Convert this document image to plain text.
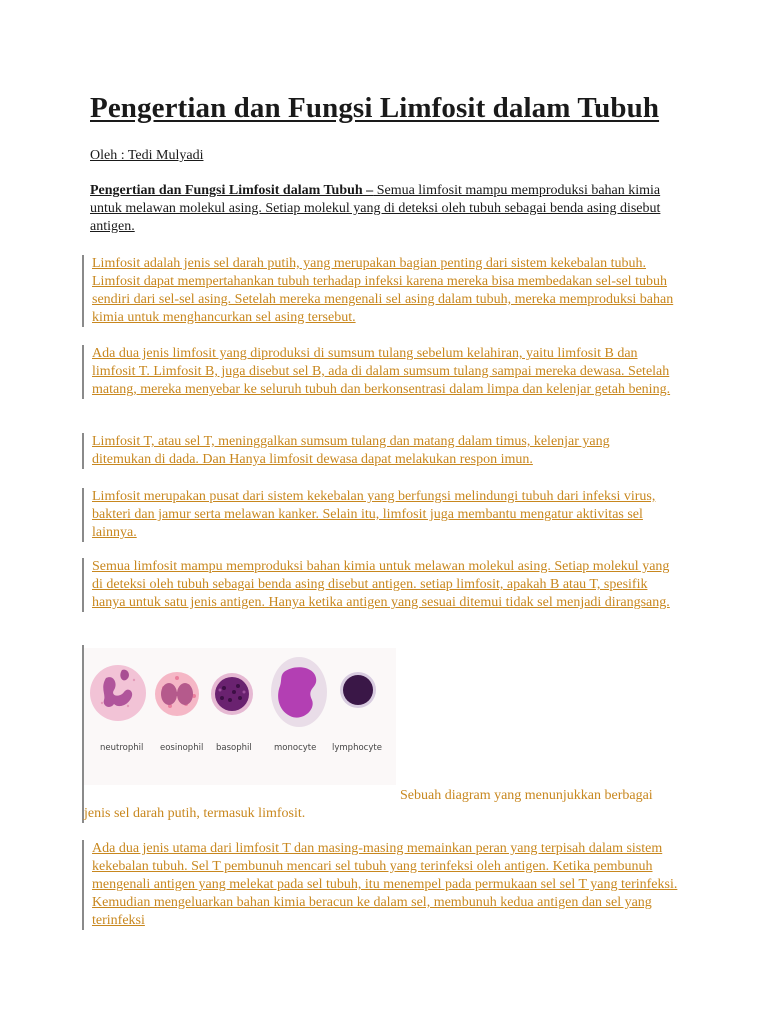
Pengertian dan Fungsi Limfosit dalam Tubuh
Oleh : Tedi Mulyadi
Pengertian dan Fungsi Limfosit dalam Tubuh – Semua limfosit mampu memproduksi bahan kimia untuk melawan molekul asing. Setiap molekul yang di deteksi oleh tubuh sebagai benda asing disebut antigen.

Limfosit adalah jenis sel darah putih, yang merupakan bagian penting dari sistem kekebalan tubuh. Limfosit dapat mempertahankan tubuh terhadap infeksi karena mereka bisa membedakan sel-sel tubuh sendiri dari sel-sel asing. Setelah mereka mengenali sel asing dalam tubuh, mereka memproduksi bahan kimia untuk menghancurkan sel asing tersebut.

Ada dua jenis limfosit yang diproduksi di sumsum tulang sebelum kelahiran, yaitu limfosit B dan limfosit T. Limfosit B, juga disebut sel B, ada di dalam sumsum tulang sampai mereka dewasa. Setelah matang, mereka menyebar ke seluruh tubuh dan berkonsentrasi dalam limpa dan kelenjar getah bening.

Limfosit T, atau sel T, meninggalkan sumsum tulang dan matang dalam timus, kelenjar yang ditemukan di dada. Dan Hanya limfosit dewasa dapat melakukan respon imun.

Limfosit merupakan pusat dari sistem kekebalan yang berfungsi melindungi tubuh dari infeksi virus, bakteri dan jamur serta melawan kanker. Selain itu, limfosit juga membantu mengatur aktivitas sel lainnya.

Semua limfosit mampu memproduksi bahan kimia untuk melawan molekul asing. Setiap molekul yang di deteksi oleh tubuh sebagai benda asing disebut antigen. setiap limfosit, apakah B atau T, spesifik hanya untuk satu jenis antigen. Hanya ketika antigen yang sesuai ditemui tidak sel menjadi dirangsang.

neutrophil eosinophil basophil	monocyte lymphocyte
Sebuah diagram yang menunjukkan berbagai
jenis sel darah putih, termasuk limfosit.

Ada dua jenis utama dari limfosit T dan masing-masing memainkan peran yang terpisah dalam sistem kekebalan tubuh. Sel T pembunuh mencari sel tubuh yang terinfeksi oleh antigen. Ketika pembunuh mengenali antigen yang melekat pada sel tubuh, itu menempel pada permukaan sel sel T yang terinfeksi. Kemudian mengeluarkan bahan kimia beracun ke dalam sel, membunuh kedua antigen dan sel yang terinfeksi
